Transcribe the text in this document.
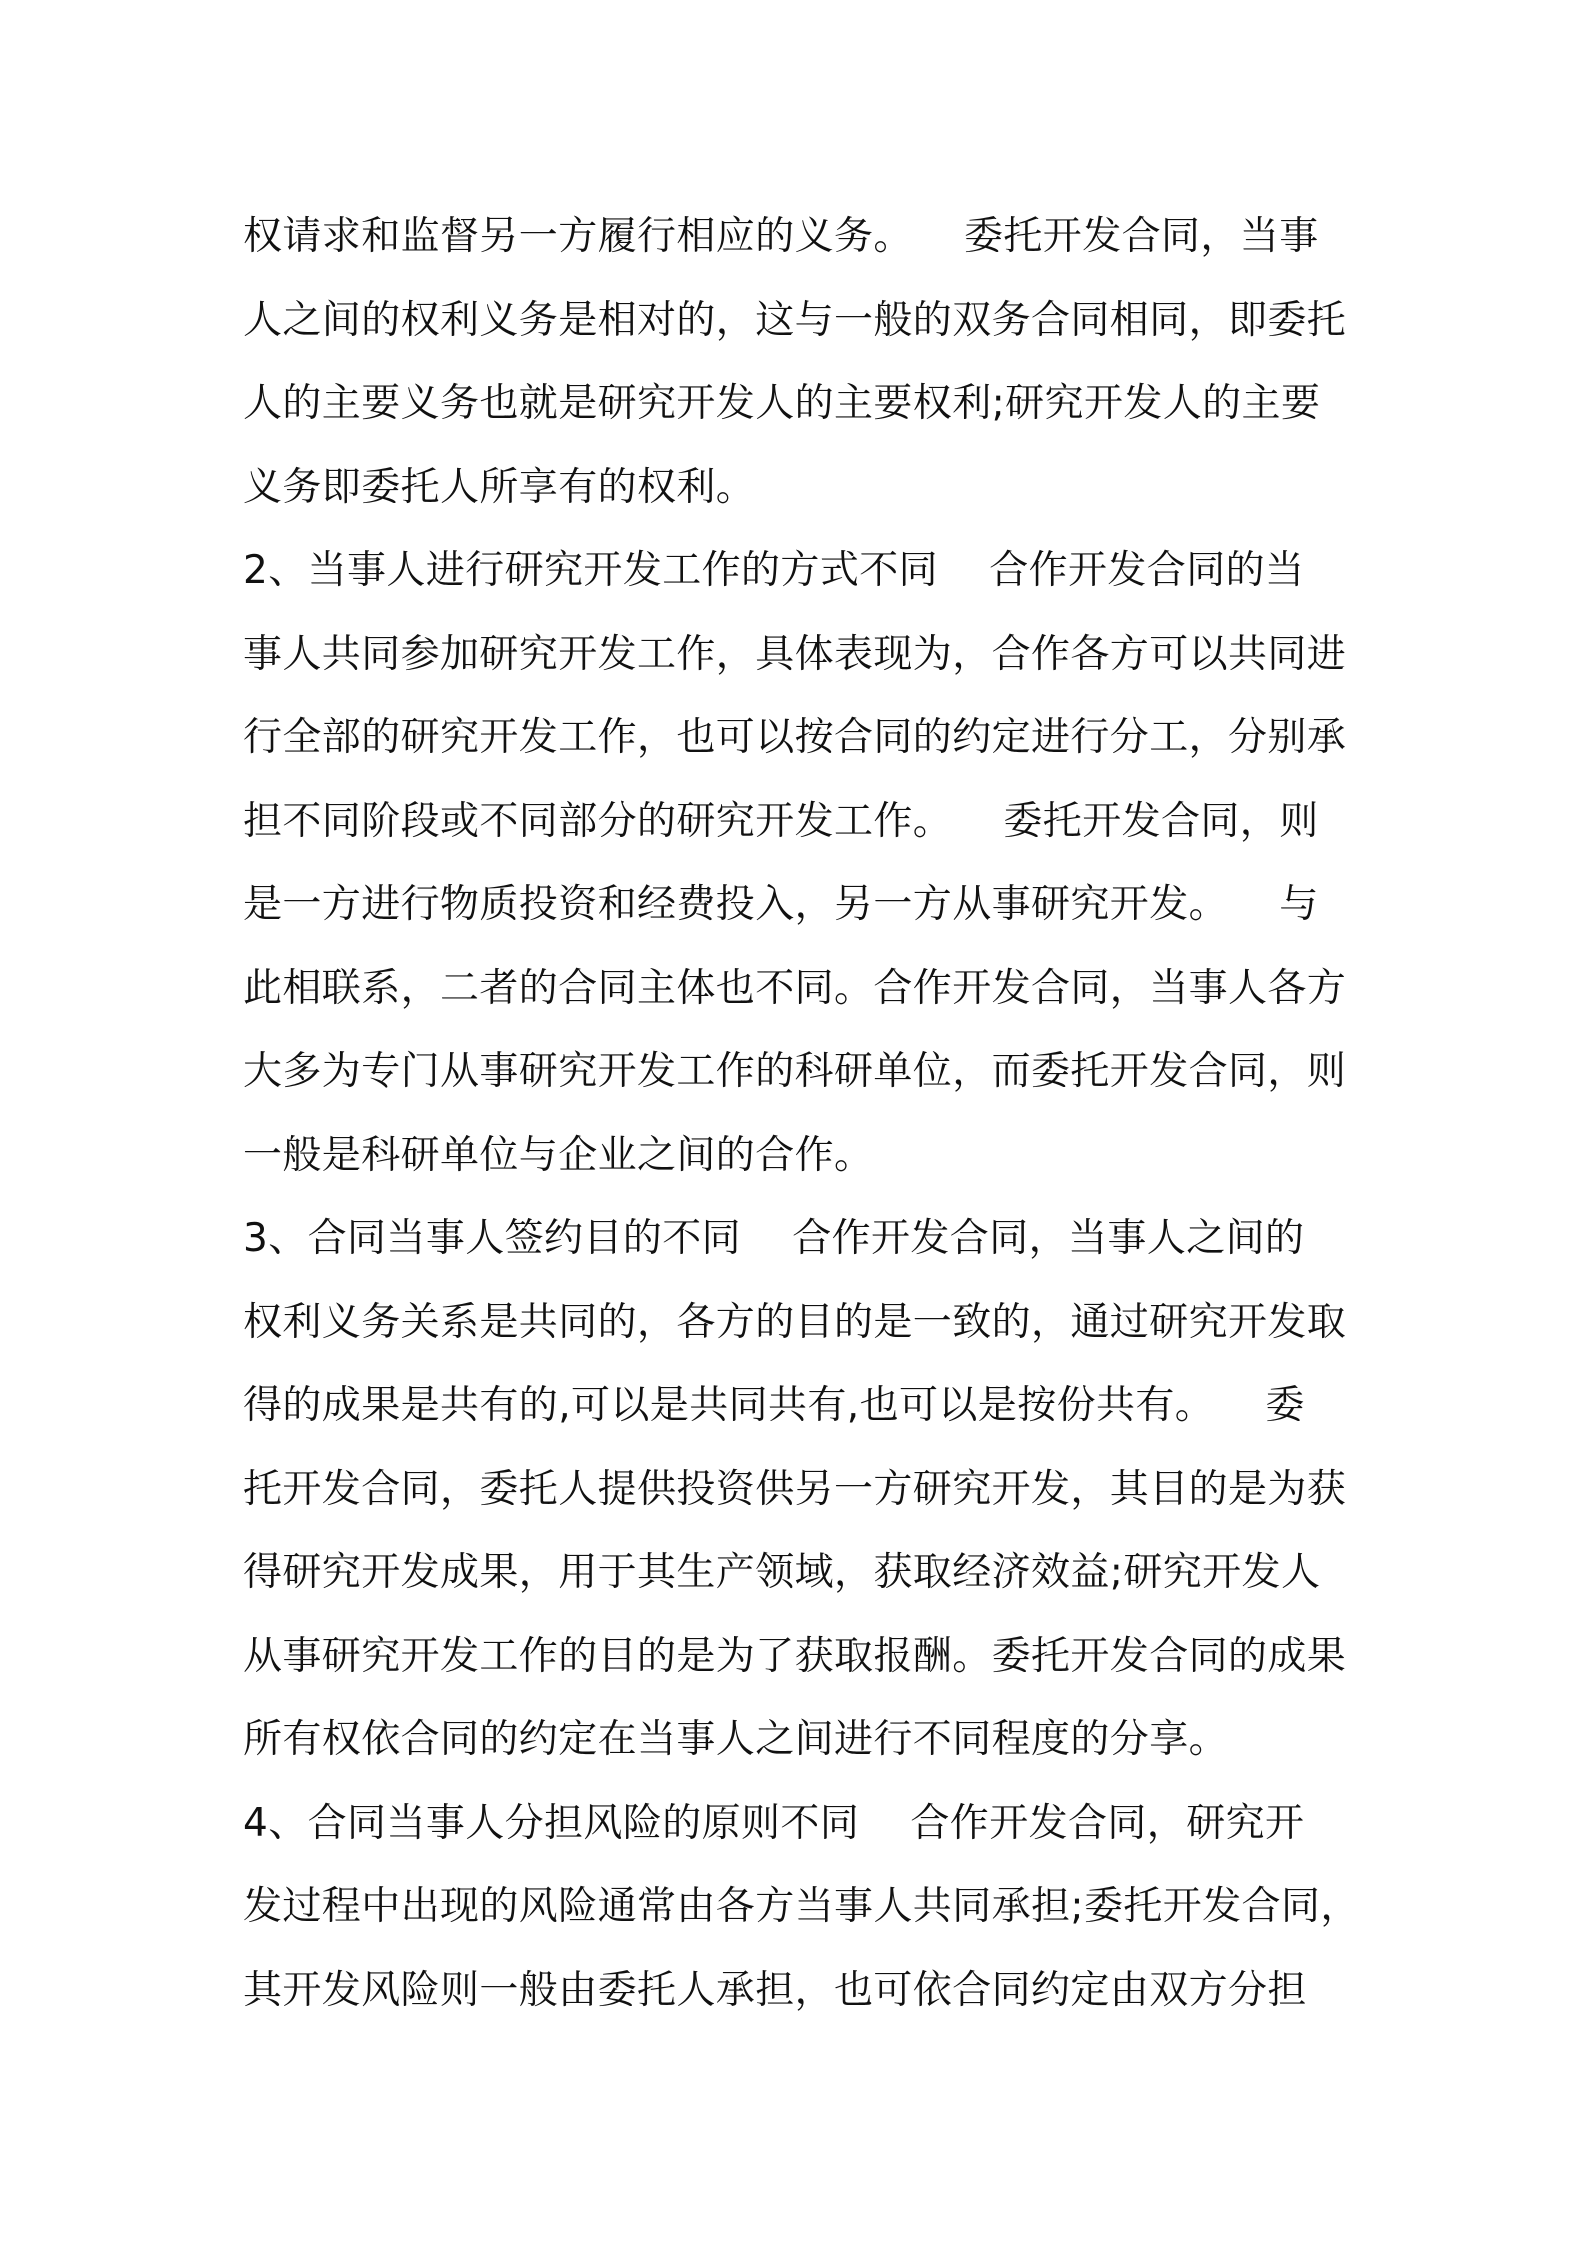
权请求和监督另一方履行相应的义务。    委托开发合同，当事
人之间的权利义务是相对的，这与一般的双务合同相同，即委托
人的主要义务也就是研究开发人的主要权利;研究开发人的主要
义务即委托人所享有的权利。
2、当事人进行研究开发工作的方式不同    合作开发合同的当
事人共同参加研究开发工作，具体表现为，合作各方可以共同进
行全部的研究开发工作，也可以按合同的约定进行分工，分别承
担不同阶段或不同部分的研究开发工作。    委托开发合同，则
是一方进行物质投资和经费投入，另一方从事研究开发。    与
此相联系，二者的合同主体也不同。合作开发合同，当事人各方
大多为专门从事研究开发工作的科研单位，而委托开发合同，则
一般是科研单位与企业之间的合作。
3、合同当事人签约目的不同    合作开发合同，当事人之间的
权利义务关系是共同的，各方的目的是一致的，通过研究开发取
得的成果是共有的,可以是共同共有,也可以是按份共有。    委
托开发合同，委托人提供投资供另一方研究开发，其目的是为获
得研究开发成果，用于其生产领域，获取经济效益;研究开发人
从事研究开发工作的目的是为了获取报酬。委托开发合同的成果
所有权依合同的约定在当事人之间进行不同程度的分享。
4、合同当事人分担风险的原则不同    合作开发合同，研究开
发过程中出现的风险通常由各方当事人共同承担;委托开发合同，
其开发风险则一般由委托人承担，也可依合同约定由双方分担
